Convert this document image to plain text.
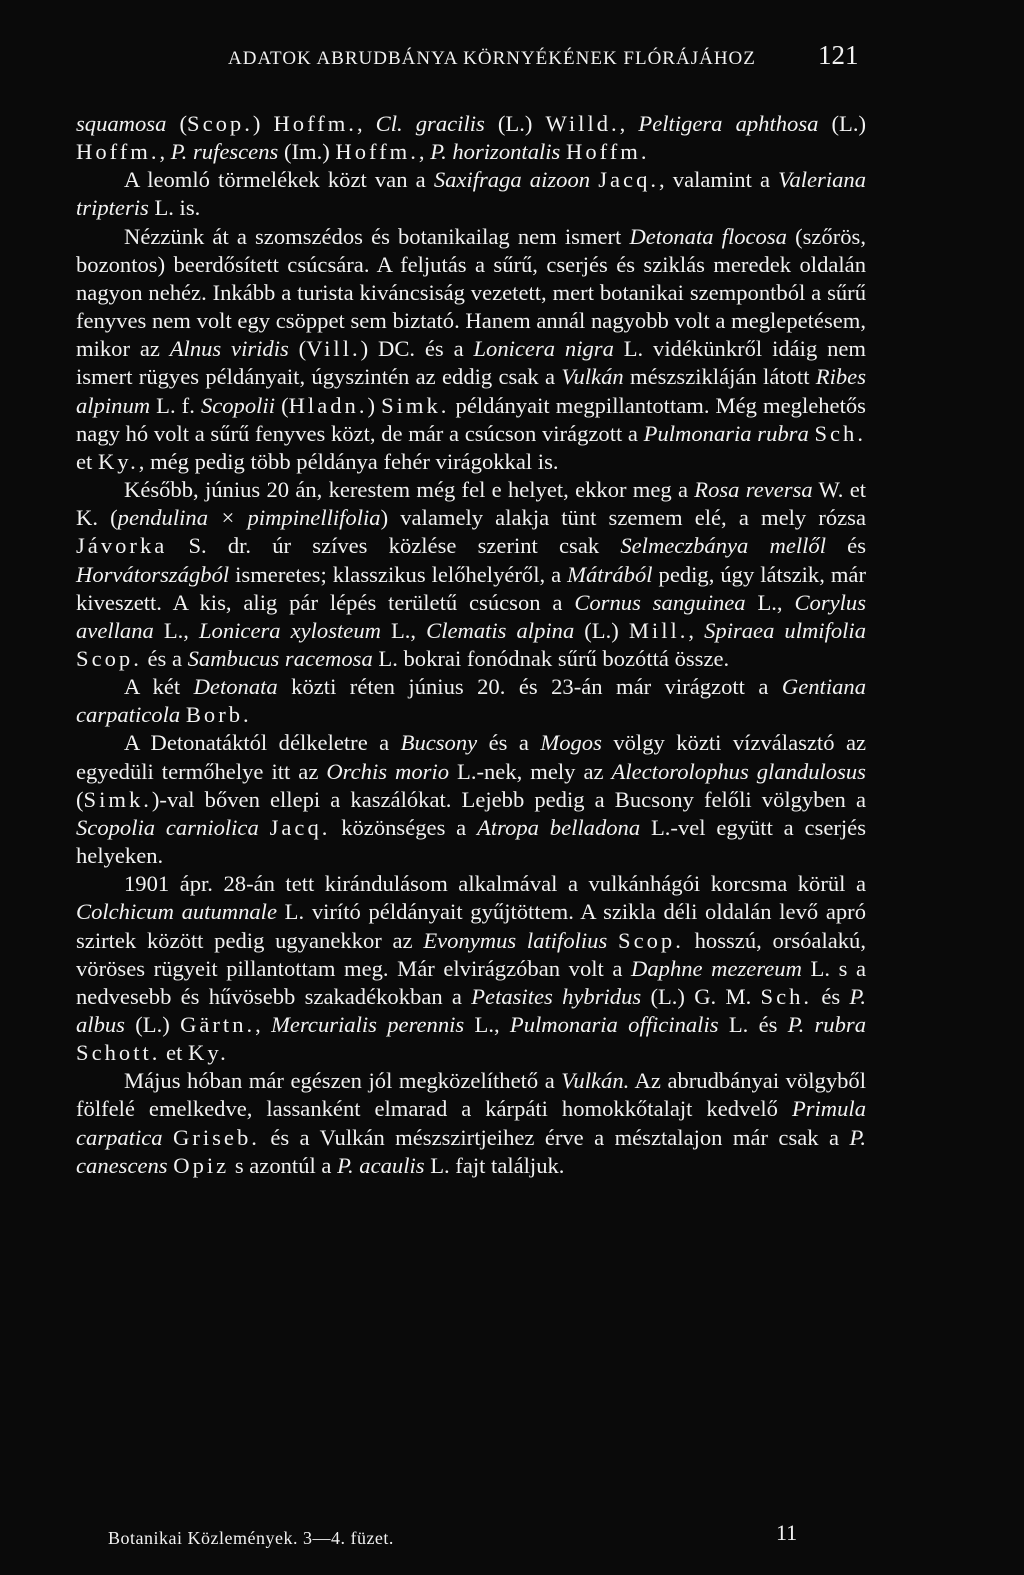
ADATOK ABRUDBÁNYA KÖRNYÉKÉNEK FLÓRÁJÁHOZ 121

squamosa (Scop.) Hoffm., Cl. gracilis (L.) Willd., Peltigera aphthosa (L.) Hoffm., P. rufescens (Im.) Hoffm., P. horizontalis Hoffm.

A leomló törmelékek közt van a Saxifraga aizoon Jacq., valamint a Valeriana tripteris L. is.

Nézzünk át a szomszédos és botanikailag nem ismert Detonata flocosa (szőrös, bozontos) beerdősített csúcsára. A feljutás a sűrű, cserjés és sziklás meredek oldalán nagyon nehéz. Inkább a turista kiváncsiság vezetett, mert botanikai szempontból a sűrű fenyves nem volt egy csöppet sem biztató. Hanem annál nagyobb volt a meglepetésem, mikor az Alnus viridis (Vill.) DC. és a Lonicera nigra L. vidékünkről idáig nem ismert rügyes példányait, úgyszintén az eddig csak a Vulkán mészszikláján látott Ribes alpinum L. f. Scopolii (Hladn.) Simk. példányait megpillantottam. Még meglehetős nagy hó volt a sűrű fenyves közt, de már a csúcson virágzott a Pulmonaria rubra Sch. et Ky., még pedig több példánya fehér virágokkal is.

Később, június 20 án, kerestem még fel e helyet, ekkor meg a Rosa reversa W. et K. (pendulina × pimpinellifolia) valamely alakja tünt szemem elé, a mely rózsa Jávorka S. dr. úr szíves közlése szerint csak Selmeczbánya mellől és Horvátországból ismeretes; klasszikus lelőhelyéről, a Mátrából pedig, úgy látszik, már kiveszett. A kis, alig pár lépés területű csúcson a Cornus sanguinea L., Corylus avellana L., Lonicera xylosteum L., Clematis alpina (L.) Mill., Spiraea ulmifolia Scop. és a Sambucus racemosa L. bokrai fonódnak sűrű bozóttá össze.

A két Detonata közti réten június 20. és 23-án már virágzott a Gentiana carpaticola Borb.

A Detonatáktól délkeletre a Bucsony és a Mogos völgy közti vízválasztó az egyedüli termőhelye itt az Orchis morio L.-nek, mely az Alectorolophus glandulosus (Simk.)-val bőven ellepi a kaszálókat. Lejebb pedig a Bucsony felőli völgyben a Scopolia carniolica Jacq. közönséges a Atropa belladona L.-vel együtt a cserjés helyeken.

1901 ápr. 28-án tett kirándulásom alkalmával a vulkánhágói korcsma körül a Colchicum autumnale L. virító példányait gyűjtöttem. A szikla déli oldalán levő apró szirtek között pedig ugyanekkor az Evonymus latifolius Scop. hosszú, orsóalakú, vöröses rügyeit pillantottam meg. Már elvirágzóban volt a Daphne mezereum L. s a nedvesebb és hűvösebb szakadékokban a Petasites hybridus (L.) G. M. Sch. és P. albus (L.) Gärtn., Mercurialis perennis L., Pulmonaria officinalis L. és P. rubra Schott. et Ky.

Május hóban már egészen jól megközelíthető a Vulkán. Az abrudbányai völgyből fölfelé emelkedve, lassanként elmarad a kárpáti homokkőtalajt kedvelő Primula carpatica Griseb. és a Vulkán mészszirtjeihez érve a mésztalajon már csak a P. canescens Opiz s azontúl a P. acaulis L. fajt találjuk.

Botanikai Közlemények. 3—4. füzet.	11
